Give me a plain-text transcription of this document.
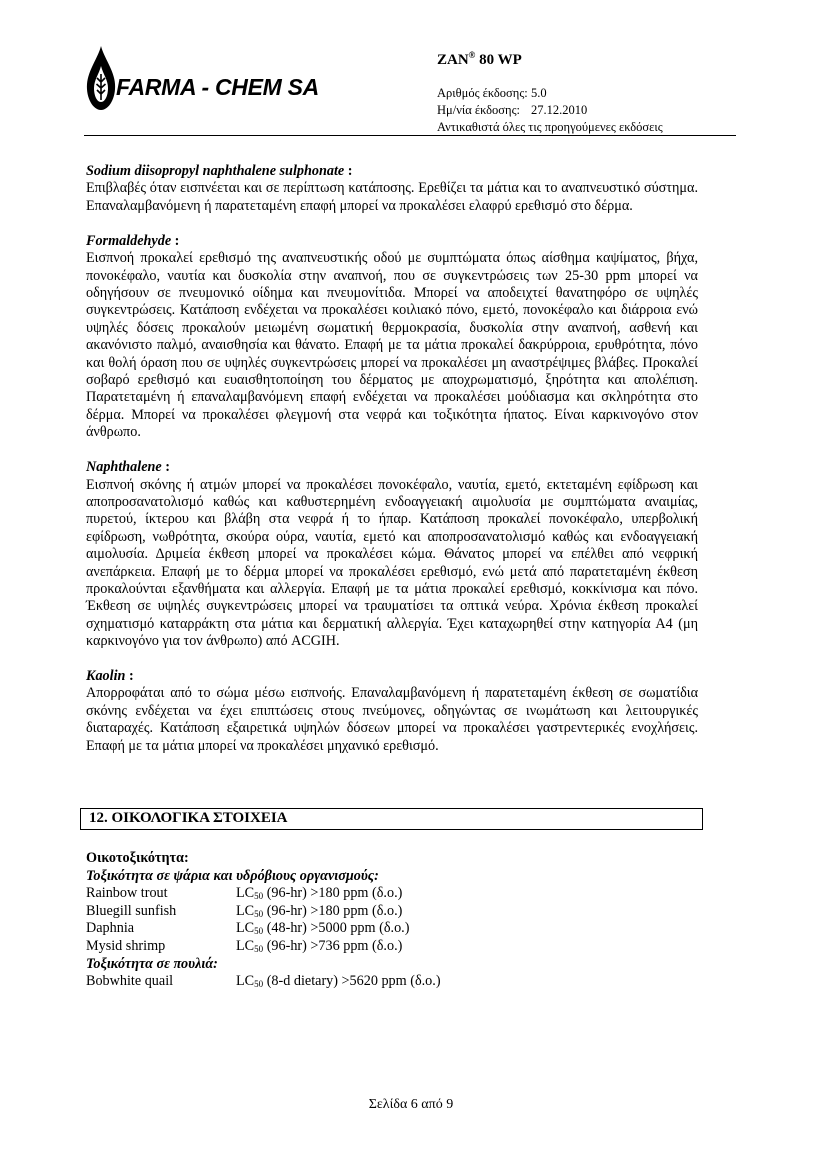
FARMA - CHEM SA
ZAN® 80 WP
Αριθμός έκδοσης: 5.0
Ημ/νία έκδοσης: 27.12.2010
Αντικαθιστά όλες τις προηγούμενες εκδόσεις
Sodium diisopropyl naphthalene sulphonate :

Επιβλαβές όταν εισπνέεται και σε περίπτωση κατάποσης. Ερεθίζει τα μάτια και το αναπνευστικό σύστημα. Επαναλαμβανόμενη ή παρατεταμένη επαφή μπορεί να προκαλέσει ελαφρύ ερεθισμό στο δέρμα.

Formaldehyde :

Εισπνοή προκαλεί ερεθισμό της αναπνευστικής οδού με συμπτώματα όπως αίσθημα καψίματος, βήχα, πονοκέφαλο, ναυτία και δυσκολία στην αναπνοή, που σε συγκεντρώσεις των 25-30 ppm μπορεί να οδηγήσουν σε πνευμονικό οίδημα και πνευμονίτιδα. Μπορεί να αποδειχτεί θανατηφόρο σε υψηλές συγκεντρώσεις. Κατάποση ενδέχεται να προκαλέσει κοιλιακό πόνο, εμετό, πονοκέφαλο και διάρροια ενώ υψηλές δόσεις προκαλούν μειωμένη σωματική θερμοκρασία, δυσκολία στην αναπνοή, ασθενή και ακανόνιστο παλμό, αναισθησία και θάνατο. Επαφή με τα μάτια προκαλεί δακρύρροια, ερυθρότητα, πόνο και θολή όραση που σε υψηλές συγκεντρώσεις μπορεί να προκαλέσει μη αναστρέψιμες βλάβες. Προκαλεί σοβαρό ερεθισμό και ευαισθητοποίηση του δέρματος με αποχρωματισμό, ξηρότητα και απολέπιση. Παρατεταμένη ή επαναλαμβανόμενη επαφή ενδέχεται να προκαλέσει μούδιασμα και σκληρότητα στο δέρμα. Μπορεί να προκαλέσει φλεγμονή στα νεφρά και τοξικότητα ήπατος. Είναι καρκινογόνο στον άνθρωπο.

Naphthalene :

Εισπνοή σκόνης ή ατμών μπορεί να προκαλέσει πονοκέφαλο, ναυτία, εμετό, εκτεταμένη εφίδρωση και αποπροσανατολισμό καθώς και καθυστερημένη ενδοαγγειακή αιμολυσία με συμπτώματα αναιμίας, πυρετού, ίκτερου και βλάβη στα νεφρά ή το ήπαρ. Κατάποση προκαλεί πονοκέφαλο, υπερβολική εφίδρωση, νωθρότητα, σκούρα ούρα, ναυτία, εμετό και αποπροσανατολισμό καθώς και ενδοαγγειακή αιμολυσία. Δριμεία έκθεση μπορεί να προκαλέσει κώμα. Θάνατος μπορεί να επέλθει από νεφρική ανεπάρκεια. Επαφή με το δέρμα μπορεί να προκαλέσει ερεθισμό, ενώ μετά από παρατεταμένη έκθεση προκαλούνται εξανθήματα και αλλεργία. Επαφή με τα μάτια προκαλεί ερεθισμό, κοκκίνισμα και πόνο. Έκθεση σε υψηλές συγκεντρώσεις μπορεί να τραυματίσει τα οπτικά νεύρα. Χρόνια έκθεση προκαλεί σχηματισμό καταρράκτη στα μάτια και δερματική αλλεργία. Έχει καταχωρηθεί στην κατηγορία Α4 (μη καρκινογόνο για τον άνθρωπο) από ACGIH.

Kaolin :

Απορροφάται από το σώμα μέσω εισπνοής. Επαναλαμβανόμενη ή παρατεταμένη έκθεση σε σωματίδια σκόνης ενδέχεται να έχει επιπτώσεις στους πνεύμονες, οδηγώντας σε ινωμάτωση και λειτουργικές διαταραχές. Κατάποση εξαιρετικά υψηλών δόσεων μπορεί να προκαλέσει γαστρεντερικές ενοχλήσεις. Επαφή με τα μάτια μπορεί να προκαλέσει μηχανικό ερεθισμό.

12. ΟΙΚΟΛΟΓΙΚΑ ΣΤΟΙΧΕΙΑ
Οικοτοξικότητα:
Τοξικότητα σε ψάρια και υδρόβιους οργανισμούς:
Rainbow trout	$LC_{50}$ (96-hr) >180 ppm (δ.ο.)
Bluegill sunfish	$LC_{50}$ (96-hr) >180 ppm (δ.ο.)
Daphnia	$LC_{50}$ (48-hr) >5000 ppm (δ.ο.)
Mysid shrimp	$LC_{50}$ (96-hr) >736 ppm (δ.ο.)
Τοξικότητα σε πουλιά:
Bobwhite quail	$LC_{50}$ (8-d dietary) >5620 ppm (δ.ο.)
Σελίδα 6 από 9
